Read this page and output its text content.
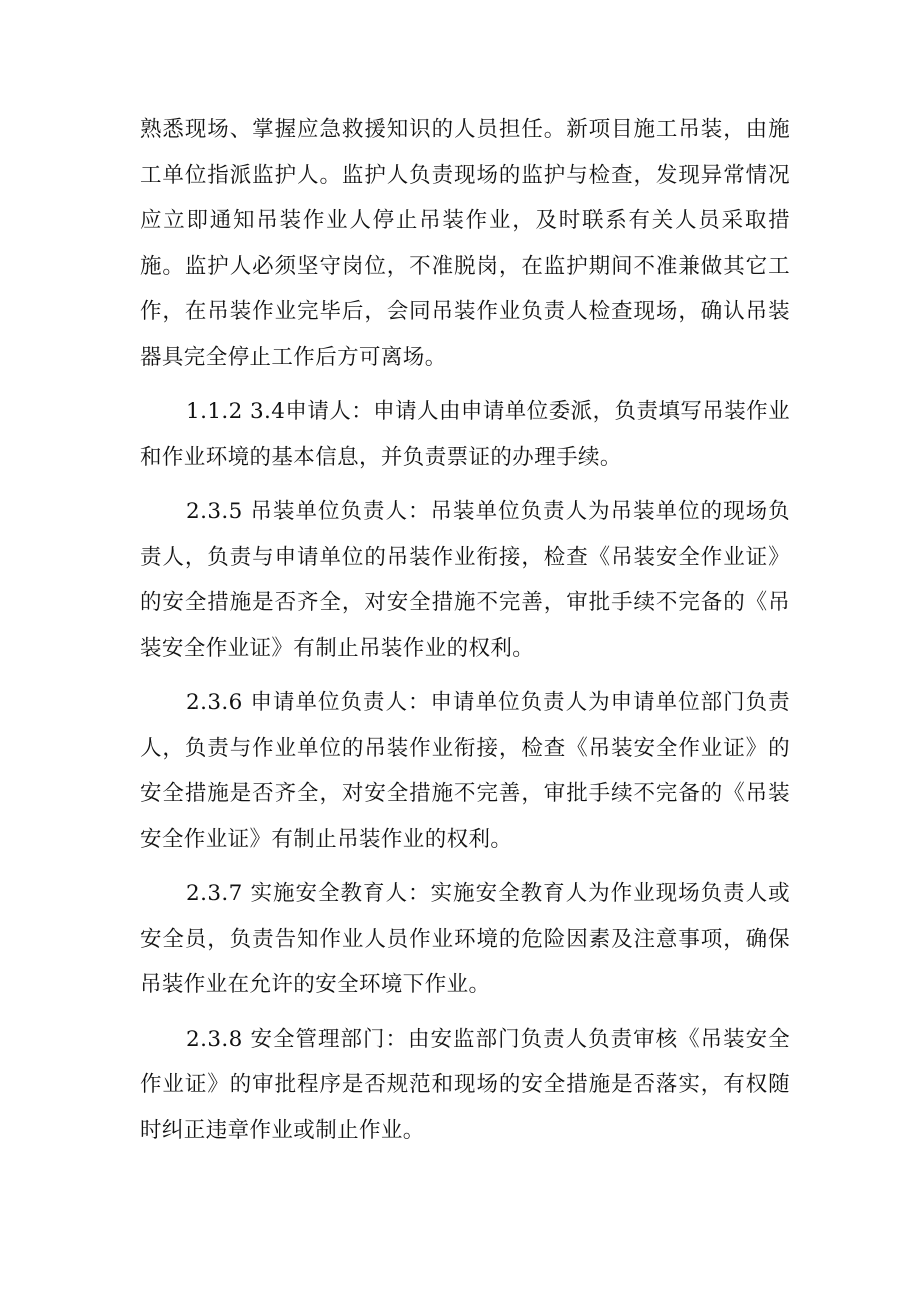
熟悉现场、掌握应急救援知识的人员担任。新项目施工吊装，由施工单位指派监护人。监护人负责现场的监护与检查，发现异常情况应立即通知吊装作业人停止吊装作业，及时联系有关人员采取措施。监护人必须坚守岗位，不准脱岗，在监护期间不准兼做其它工作，在吊装作业完毕后，会同吊装作业负责人检查现场，确认吊装器具完全停止工作后方可离场。

1.1.2 3.4申请人：申请人由申请单位委派，负责填写吊装作业和作业环境的基本信息，并负责票证的办理手续。

2.3.5 吊装单位负责人：吊装单位负责人为吊装单位的现场负责人，负责与申请单位的吊装作业衔接，检查《吊装安全作业证》的安全措施是否齐全，对安全措施不完善，审批手续不完备的《吊装安全作业证》有制止吊装作业的权利。

2.3.6 申请单位负责人：申请单位负责人为申请单位部门负责人，负责与作业单位的吊装作业衔接，检查《吊装安全作业证》的安全措施是否齐全，对安全措施不完善，审批手续不完备的《吊装安全作业证》有制止吊装作业的权利。

2.3.7 实施安全教育人：实施安全教育人为作业现场负责人或安全员，负责告知作业人员作业环境的危险因素及注意事项，确保吊装作业在允许的安全环境下作业。

2.3.8 安全管理部门：由安监部门负责人负责审核《吊装安全作业证》的审批程序是否规范和现场的安全措施是否落实，有权随时纠正违章作业或制止作业。
